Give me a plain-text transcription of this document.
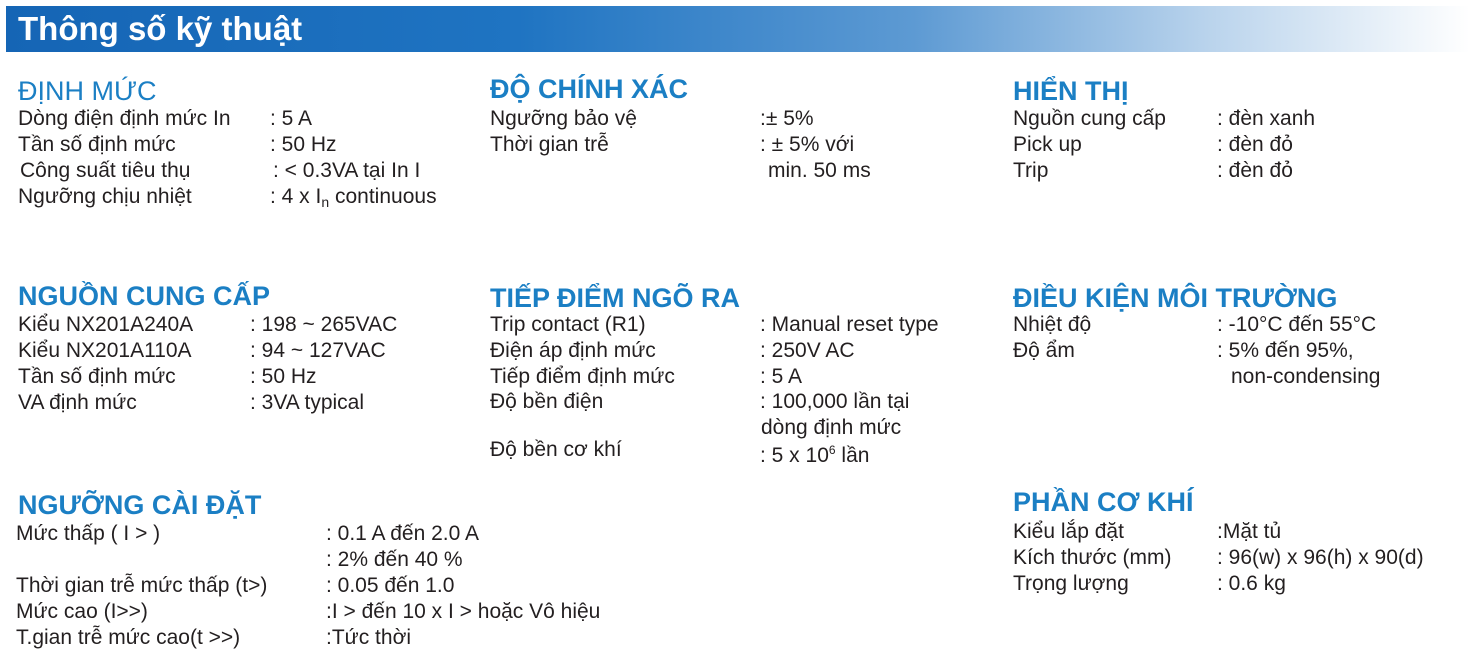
Thông số kỹ thuật
ĐỊNH MỨC
Dòng điện định mức In : 5 A
Tần số định mức	: 50 Hz
Công suất tiêu thụ	: < 0.3VA tại In I
Ngưỡng chịu nhiệt	: 4 x $I_n$ continuous
ĐỘ CHÍNH XÁC
Ngưỡng bảo vệ	:± 5%
Thời gian trễ	: ± 5% với
min. 50 ms
HIỂN THỊ
Nguồn cung cấp : đèn xanh
Pick up	: đèn đỏ
Trip	: đèn đỏ
NGUỒN CUNG CẤP
Kiểu NX201A240A	: 198 ~ 265VAC
Kiểu NX201A110A	: 94 ~ 127VAC
Tần số định mức	: 50 Hz
VA định mức	: 3VA typical
TIẾP ĐIỂM NGÕ RA
Trip contact (R1)	: Manual reset type
Điện áp định mức	: 250V AC
Tiếp điểm định mức	: 5 A
Độ bền điện	: 100,000 lần tại
dòng định mức
Độ bền cơ khí	: 5 x $10^6$ lần
ĐIỀU KIỆN MÔI TRƯỜNG
Nhiệt độ	: -10°C đến 55°C
Độ ẩm	: 5% đến 95%,
non-condensing
NGƯỠNG CÀI ĐẶT
Mức thấp ( I > )	: 0.1 A đến 2.0 A
: 2% đến 40 %
Thời gian trễ mức thấp (t>)	: 0.05 đến 1.0
Mức cao (I>>)	:I > đến 10 x I > hoặc Vô hiệu
T.gian trễ mức cao(t >>)	:Tức thời
PHẦN CƠ KHÍ
Kiểu lắp đặt	:Mặt tủ
Kích thước (mm) : 96(w) x 96(h) x 90(d)
Trọng lượng	: 0.6 kg
